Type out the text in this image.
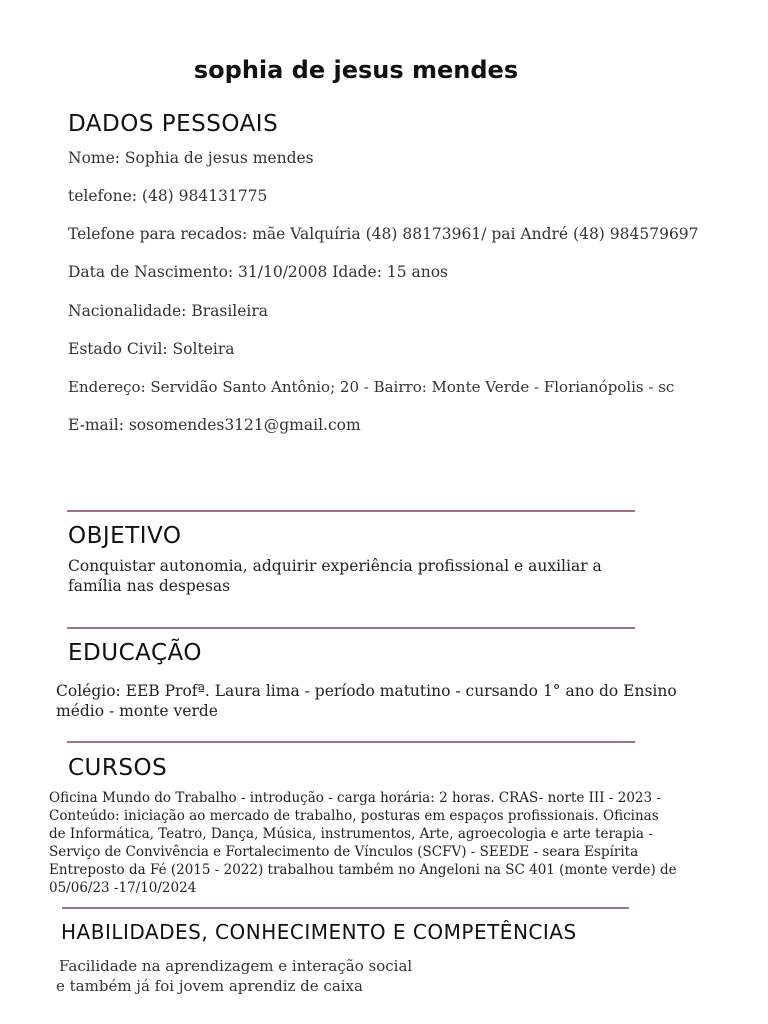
sophia de jesus mendes
DADOS PESSOAIS
Nome: Sophia de jesus mendes
telefone: (48) 984131775
Telefone para recados: mãe Valquíria (48) 88173961/ pai André (48) 984579697
Data de Nascimento: 31/10/2008 Idade: 15 anos
Nacionalidade: Brasileira
Estado Civil: Solteira
Endereço: Servidão Santo Antônio; 20 - Bairro: Monte Verde - Florianópolis - sc
E-mail: sosomendes3121@gmail.com
OBJETIVO
Conquistar autonomia, adquirir experiência profissional e auxiliar a família nas despesas
EDUCAÇÃO
Colégio: EEB Profª. Laura lima - período matutino - cursando 1° ano do Ensino médio - monte verde
CURSOS
Oficina Mundo do Trabalho - introdução - carga horária: 2 horas. CRAS- norte III - 2023 - Conteúdo: iniciação ao mercado de trabalho, posturas em espaços profissionais. Oficinas de Informática, Teatro, Dança, Música, instrumentos, Arte, agroecologia e arte terapia - Serviço de Convivência e Fortalecimento de Vínculos (SCFV) - SEEDE - seara Espírita Entreposto da Fé (2015 - 2022) trabalhou também no Angeloni na SC 401 (monte verde) de 05/06/23 -17/10/2024
HABILIDADES, CONHECIMENTO E COMPETÊNCIAS
Facilidade na aprendizagem e interação social
e também já foi jovem aprendiz de caixa
